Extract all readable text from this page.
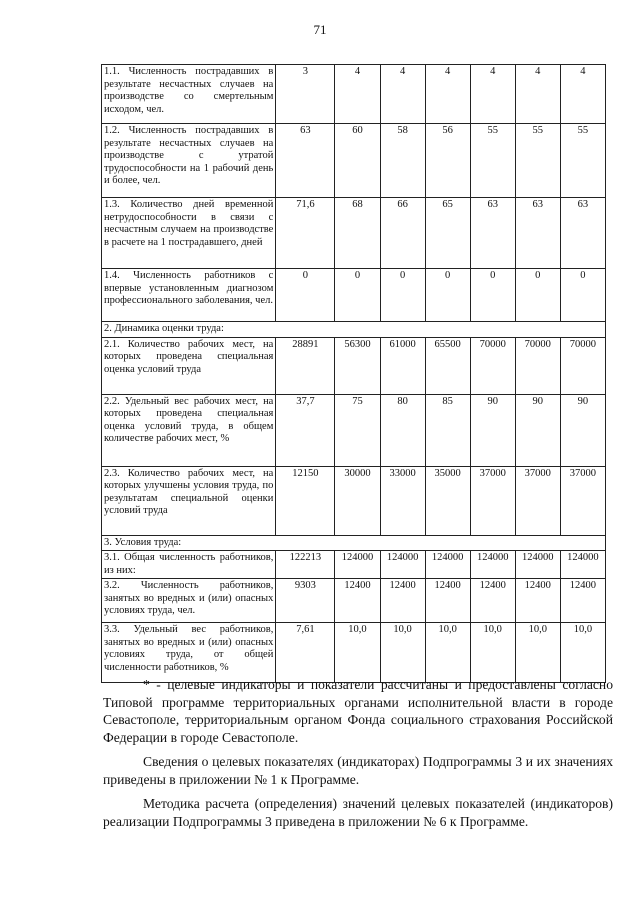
71
1.1. Численность пострадавших в результате несчастных случаев на производстве со смертельным исходом, чел.	3	4	4	4	4	4	4
1.2. Численность пострадавших в результате несчастных случаев на производстве с утратой трудоспособности на 1 рабочий день и более, чел.	63	60	58	56	55	55	55
1.3. Количество дней временной нетрудоспособности в связи с несчастным случаем на производстве в расчете на 1 пострадавшего, дней	71,6	68	66	65	63	63	63
1.4. Численность работников с впервые установленным диагнозом профессионального заболевания, чел.	0	0	0	0	0	0	0
2. Динамика оценки труда:							
2.1. Количество рабочих мест, на которых проведена специальная оценка условий труда	28891	56300	61000	65500	70000	70000	70000
2.2. Удельный вес рабочих мест, на которых проведена специальная оценка условий труда, в общем количестве рабочих мест, %	37,7	75	80	85	90	90	90
2.3. Количество рабочих мест, на которых улучшены условия труда, по результатам специальной оценки условий труда	12150	30000	33000	35000	37000	37000	37000
3. Условия труда:							
3.1. Общая численность работников, из них:	122213	124000	124000	124000	124000	124000	124000
3.2. Численность работников, занятых во вредных и (или) опасных условиях труда, чел.	9303	12400	12400	12400	12400	12400	12400
3.3. Удельный вес работников, занятых во вредных и (или) опасных условиях труда, от общей численности работников, %	7,61	10,0	10,0	10,0	10,0	10,0	10,0

* - целевые индикаторы и показатели рассчитаны и предоставлены согласно Типовой программе территориальных органами исполнительной власти в городе Севастополе, территориальным органом Фонда социального страхования Российской Федерации в городе Севастополе.

Сведения о целевых показателях (индикаторах) Подпрограммы 3 и их значениях приведены в приложении № 1 к Программе.

Методика расчета (определения) значений целевых показателей (индикаторов) реализации Подпрограммы 3 приведена в приложении № 6 к Программе.
